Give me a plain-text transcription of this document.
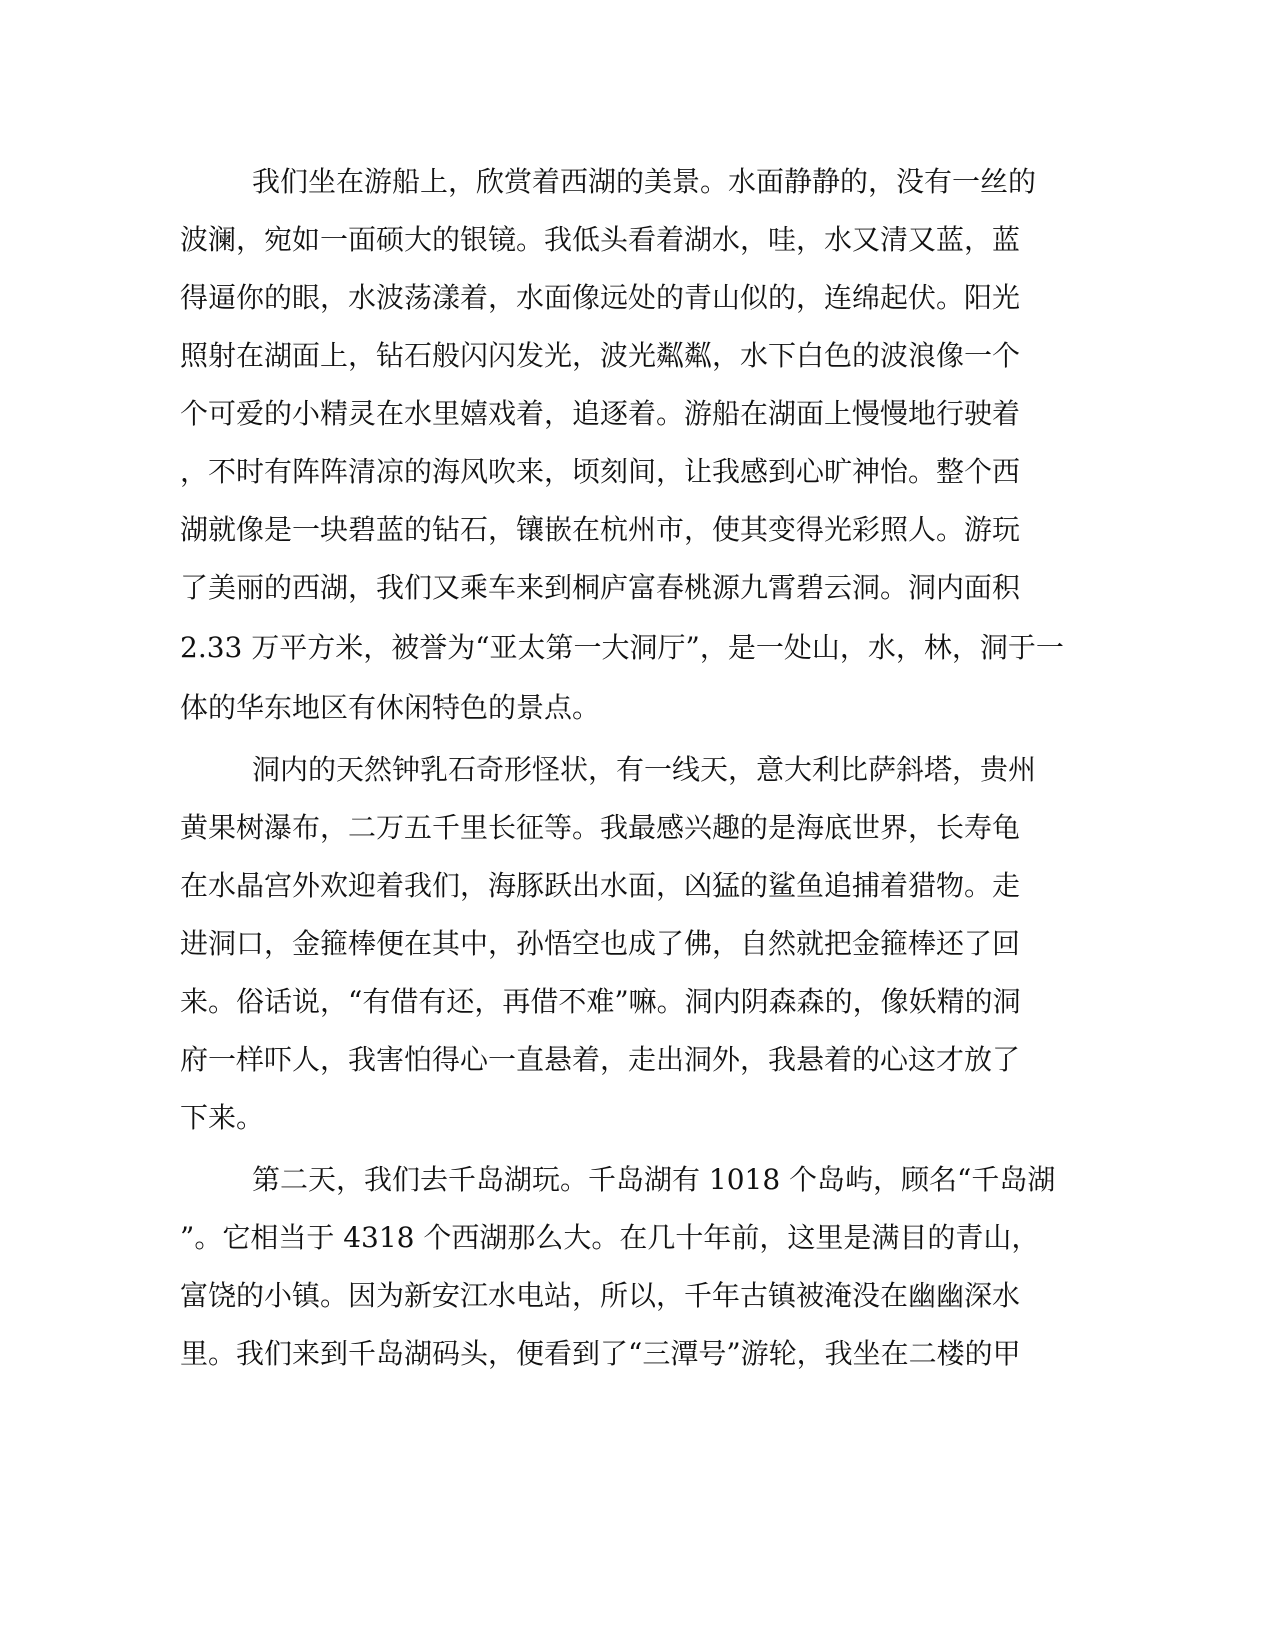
我们坐在游船上，欣赏着西湖的美景。水面静静的，没有一丝的
波澜，宛如一面硕大的银镜。我低头看着湖水，哇，水又清又蓝，蓝
得逼你的眼，水波荡漾着，水面像远处的青山似的，连绵起伏。阳光
照射在湖面上，钻石般闪闪发光，波光粼粼，水下白色的波浪像一个
个可爱的小精灵在水里嬉戏着，追逐着。游船在湖面上慢慢地行驶着
，不时有阵阵清凉的海风吹来，顷刻间，让我感到心旷神怡。整个西
湖就像是一块碧蓝的钻石，镶嵌在杭州市，使其变得光彩照人。游玩
了美丽的西湖，我们又乘车来到桐庐富春桃源九霄碧云洞。洞内面积
2.33 万平方米，被誉为“亚太第一大洞厅”，是一处山，水，林，洞于一
体的华东地区有休闲特色的景点。
洞内的天然钟乳石奇形怪状，有一线天，意大利比萨斜塔，贵州
黄果树瀑布，二万五千里长征等。我最感兴趣的是海底世界，长寿龟
在水晶宫外欢迎着我们，海豚跃出水面，凶猛的鲨鱼追捕着猎物。走
进洞口，金箍棒便在其中，孙悟空也成了佛，自然就把金箍棒还了回
来。俗话说，“有借有还，再借不难”嘛。洞内阴森森的，像妖精的洞
府一样吓人，我害怕得心一直悬着，走出洞外，我悬着的心这才放了
下来。
第二天，我们去千岛湖玩。千岛湖有 1018 个岛屿，顾名“千岛湖
”。它相当于 4318 个西湖那么大。在几十年前，这里是满目的青山，
富饶的小镇。因为新安江水电站，所以，千年古镇被淹没在幽幽深水
里。我们来到千岛湖码头，便看到了“三潭号”游轮，我坐在二楼的甲
